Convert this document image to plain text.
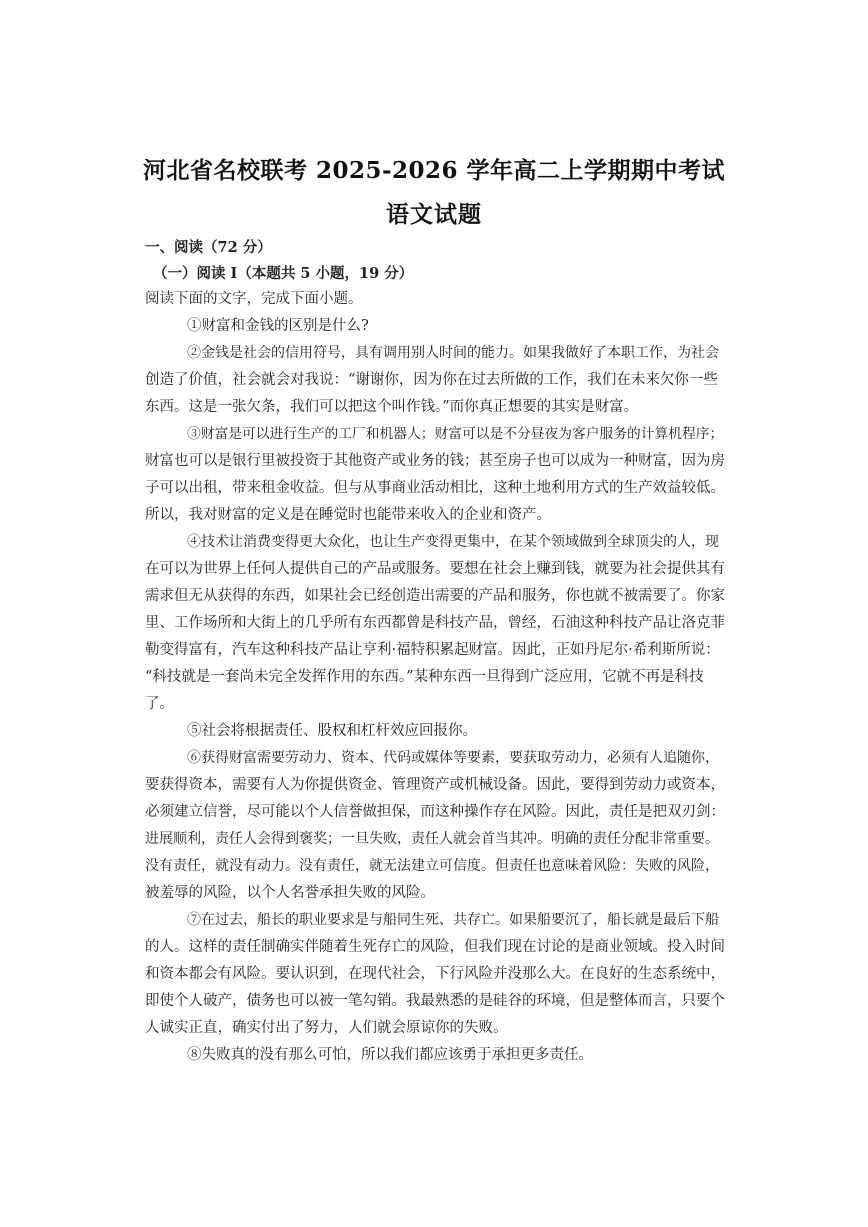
河北省名校联考 2025-2026 学年高二上学期期中考试
语文试题
一、阅读（72 分）
（一）阅读 I（本题共 5 小题，19 分）
阅读下面的文字，完成下面小题。
①财富和金钱的区别是什么?
②金钱是社会的信用符号，具有调用别人时间的能力。如果我做好了本职工作，为社会
创造了价值，社会就会对我说：“谢谢你，因为你在过去所做的工作，我们在未来欠你一些
东西。这是一张欠条，我们可以把这个叫作钱。”而你真正想要的其实是财富。
③财富是可以进行生产的工厂和机器人；财富可以是不分昼夜为客户服务的计算机程序；
财富也可以是银行里被投资于其他资产或业务的钱；甚至房子也可以成为一种财富，因为房
子可以出租，带来租金收益。但与从事商业活动相比，这种土地利用方式的生产效益较低。
所以，我对财富的定义是在睡觉时也能带来收入的企业和资产。
④技术让消费变得更大众化，也让生产变得更集中，在某个领域做到全球顶尖的人，现
在可以为世界上任何人提供自己的产品或服务。要想在社会上赚到钱，就要为社会提供其有
需求但无从获得的东西，如果社会已经创造出需要的产品和服务，你也就不被需要了。你家
里、工作场所和大街上的几乎所有东西都曾是科技产品，曾经，石油这种科技产品让洛克菲
勒变得富有，汽车这种科技产品让亨利·福特积累起财富。因此，正如丹尼尔·希利斯所说：
“科技就是一套尚未完全发挥作用的东西。”某种东西一旦得到广泛应用，它就不再是科技
了。
⑤社会将根据责任、股权和杠杆效应回报你。
⑥获得财富需要劳动力、资本、代码或媒体等要素，要获取劳动力，必须有人追随你，
要获得资本，需要有人为你提供资金、管理资产或机械设备。因此，要得到劳动力或资本，
必须建立信誉，尽可能以个人信誉做担保，而这种操作存在风险。因此，责任是把双刃剑：
进展顺利，责任人会得到褒奖；一旦失败，责任人就会首当其冲。明确的责任分配非常重要。
没有责任，就没有动力。没有责任，就无法建立可信度。但责任也意味着风险：失败的风险，
被羞辱的风险，以个人名誉承担失败的风险。
⑦在过去，船长的职业要求是与船同生死、共存亡。如果船要沉了，船长就是最后下船
的人。这样的责任制确实伴随着生死存亡的风险，但我们现在讨论的是商业领域。投入时间
和资本都会有风险。要认识到，在现代社会，下行风险并没那么大。在良好的生态系统中，
即使个人破产，债务也可以被一笔勾销。我最熟悉的是硅谷的环境，但是整体而言，只要个
人诚实正直，确实付出了努力，人们就会原谅你的失败。
⑧失败真的没有那么可怕，所以我们都应该勇于承担更多责任。
